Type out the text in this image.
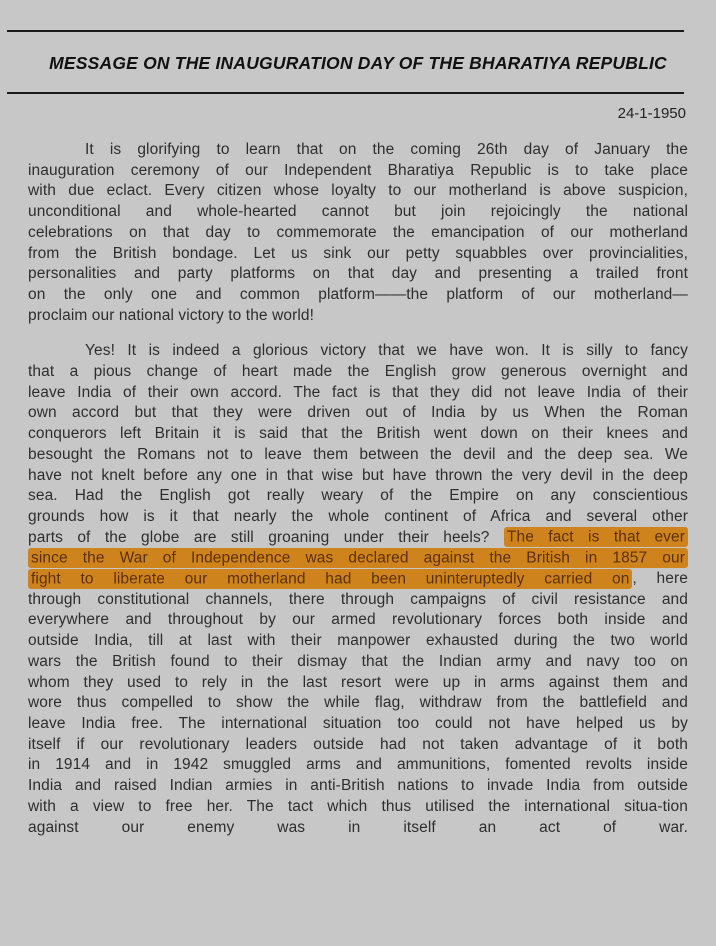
MESSAGE ON THE INAUGURATION DAY OF THE BHARATIYA REPUBLIC
24-1-1950
It is glorifying to learn that on the coming 26th day of January the
inauguration ceremony of our Independent Bharatiya Republic is to take place
with due eclact. Every citizen whose loyalty to our motherland is above suspicion,
unconditional and whole-hearted cannot but join rejoicingly the national
celebrations on that day to commemorate the emancipation of our motherland
from the British bondage. Let us sink our petty squabbles over provincialities,
personalities and party platforms on that day and presenting a trailed front
on the only one and common platform——the platform of our motherland—
proclaim our national victory to the world!
Yes! It is indeed a glorious victory that we have won. It is silly to fancy
that a pious change of heart made the English grow generous overnight and
leave India of their own accord. The fact is that they did not leave India of their
own accord but that they were driven out of India by us When the Roman
conquerors left Britain it is said that the British went down on their knees and
besought the Romans not to leave them between the devil and the deep sea. We
have not knelt before any one in that wise but have thrown the very devil in the deep
sea. Had the English got really weary of the Empire on any conscientious
grounds how is it that nearly the whole continent of Africa and several other
parts of the globe are still groaning under their heels? The fact is that ever
since the War of Independence was declared against the British in 1857 our
fight to liberate our motherland had been uninteruptedly carried on , here
through constitutional channels, there through campaigns of civil resistance and
everywhere and throughout by our armed revolutionary forces both inside and
outside India, till at last with their manpower exhausted during the two world
wars the British found to their dismay that the Indian army and navy too on
whom they used to rely in the last resort were up in arms against them and
wore thus compelled to show the while flag, withdraw from the battlefield and
leave India free. The international situation too could not have helped us by
itself if our revolutionary leaders outside had not taken advantage of it both
in 1914 and in 1942 smuggled arms and ammunitions, fomented revolts inside
India and raised Indian armies in anti-British nations to invade India from outside
with a view to free her. The tact which thus utilised the international situa-tion
against our enemy was in itself an act of war.
